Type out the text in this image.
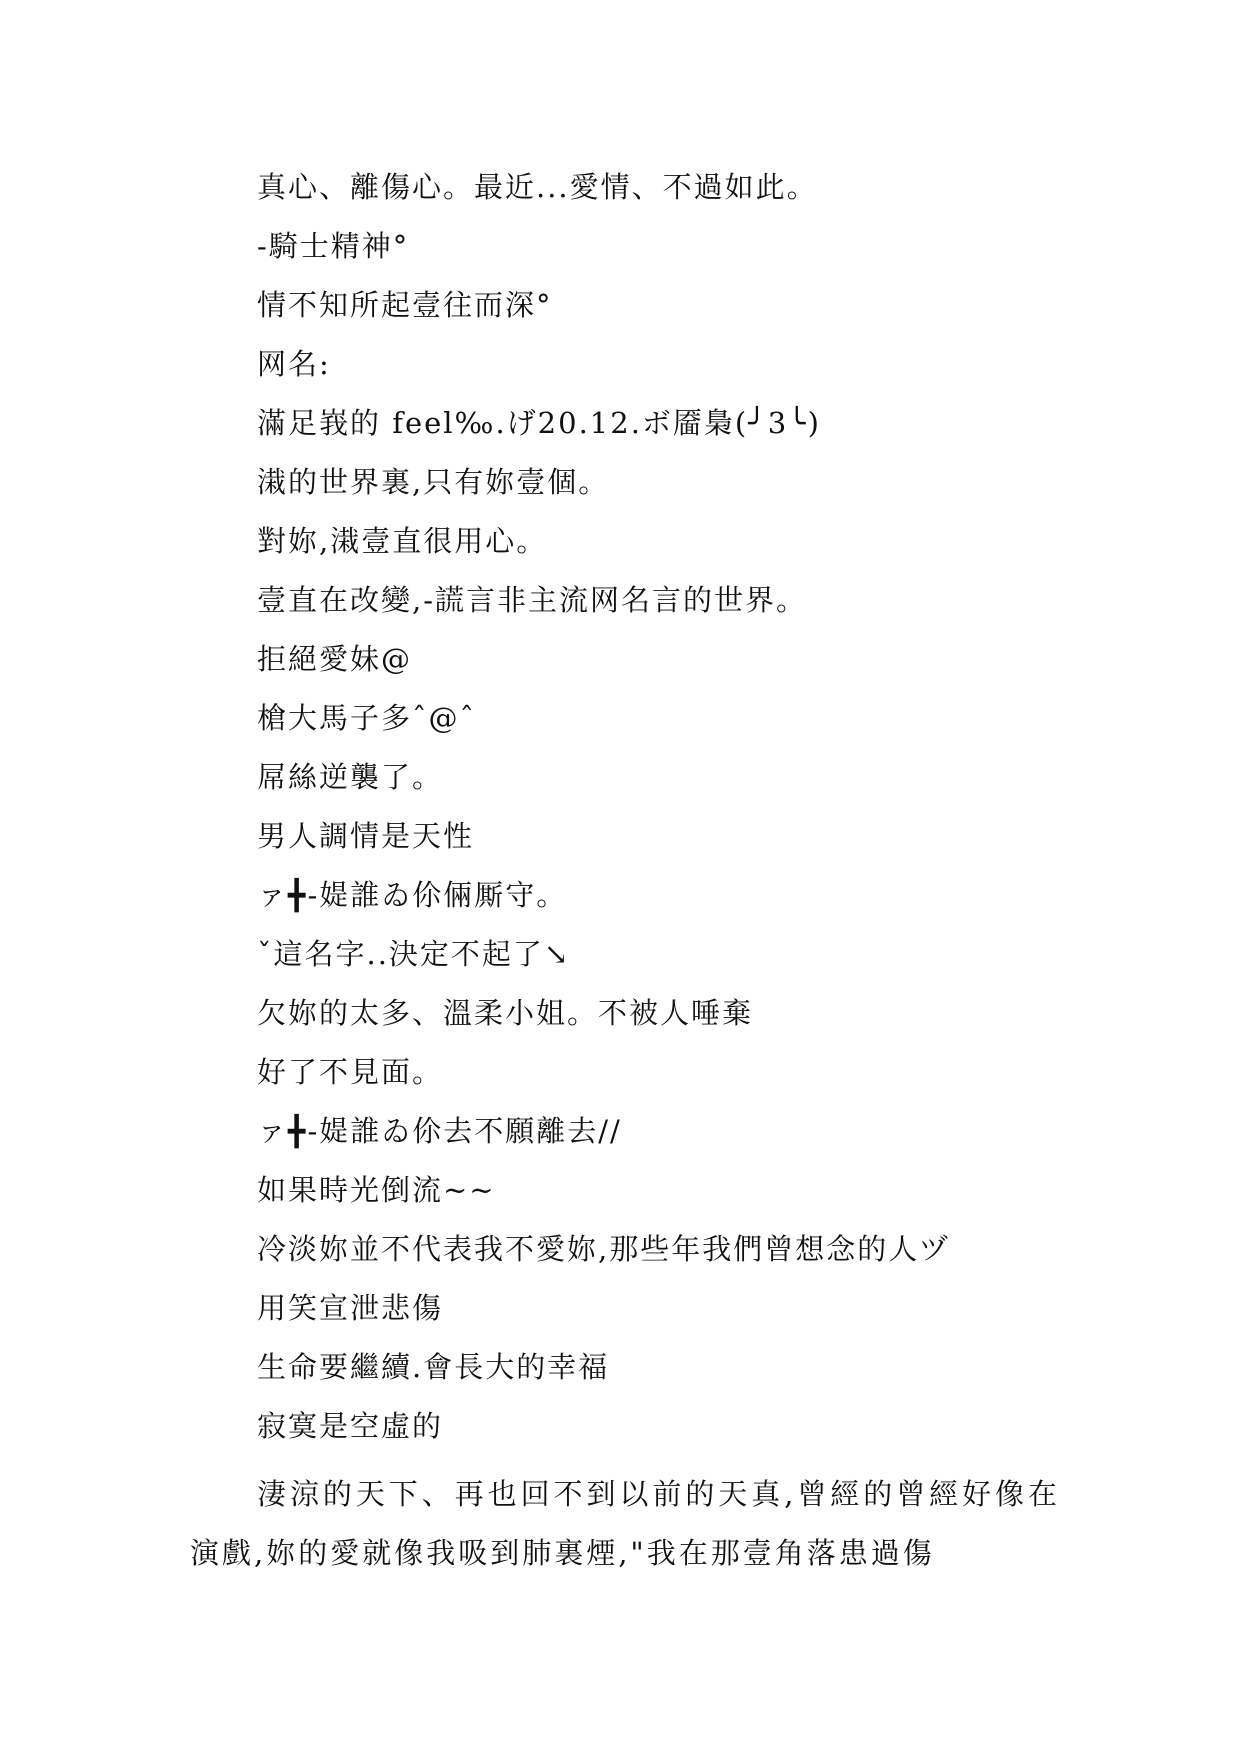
真心、離傷心。最近...愛情、不過如此。
-騎士精神°
情不知所起壹往而深°
网名:
滿足峩的 feel‰.げ20.12.ボ靥梟(╯3╰)
溨的世界裏,只有妳壹個。
對妳,溨壹直很用心。
壹直在改變,-謊言非主流网名言的世界。
拒絕愛妹@
槍大馬子多ˆ@ˆ
屌絲逆襲了。
男人調情是天性
ァ╋-媞誰ゐ伱倆厮守。
ˇ這名字..決定不起了↘
欠妳的太多、溫柔小姐。不被人唾棄
好了不見面。
ァ╋-媞誰ゐ伱去不願離去//
如果時光倒流~~
冷淡妳並不代表我不愛妳,那些年我們曾想念的人ヅ
用笑宣泄悲傷
生命要繼續.會長大的幸福
寂寞是空虛的
淒涼的天下、再也回不到以前的天真,曾經的曾經好像在演戲,妳的愛就像我吸到肺裏煙,"我在那壹角落患過傷
